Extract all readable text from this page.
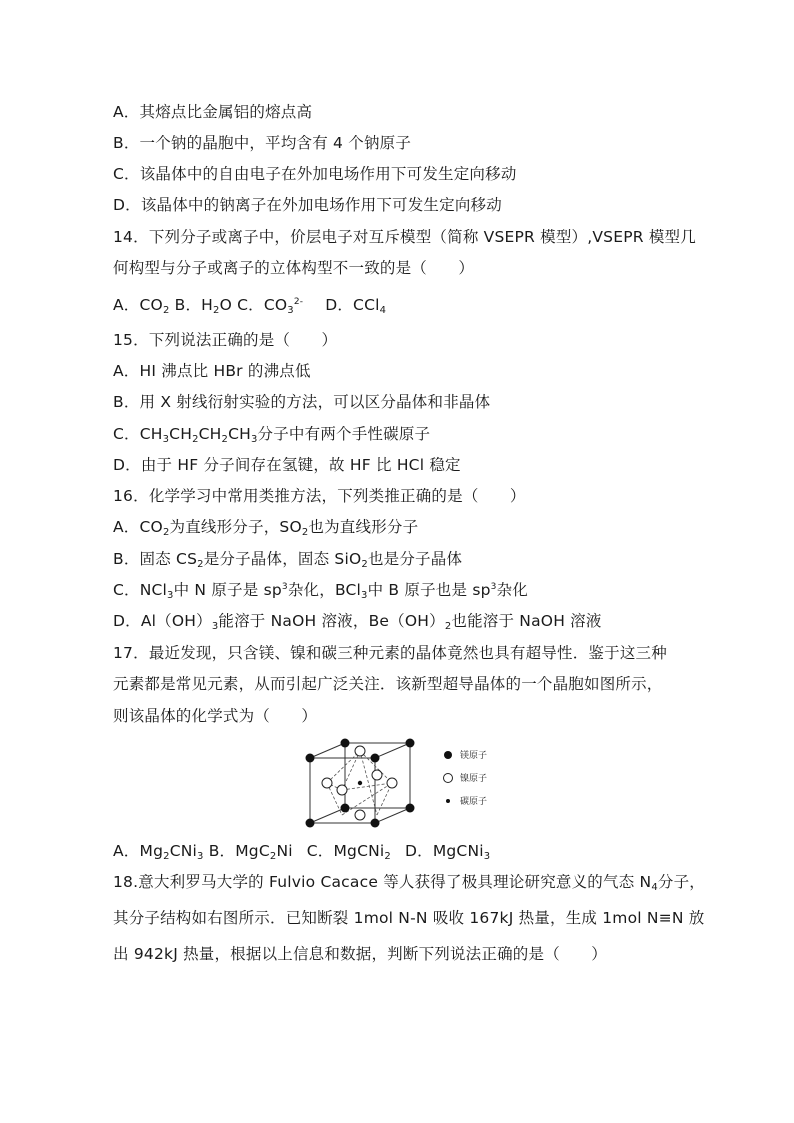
A．其熔点比金属铝的熔点高
B．一个钠的晶胞中，平均含有 4 个钠原子
C．该晶体中的自由电子在外加电场作用下可发生定向移动
D．该晶体中的钠离子在外加电场作用下可发生定向移动
14．下列分子或离子中，价层电子对互斥模型（简称 VSEPR 模型）,VSEPR 模型几
何构型与分子或离子的立体构型不一致的是（　　）
A．$CO_2$ B．$H_2O$ C．$CO_3^{2-}$ D．CCl$_4$
15．下列说法正确的是（　　）
A．HI 沸点比 HBr 的沸点低
B．用 X 射线衍射实验的方法，可以区分晶体和非晶体
C．$CH_3CH_2CH_2CH_3$分子中有两个手性碳原子
D．由于 HF 分子间存在氢键，故 HF 比 HCl 稳定
16．化学学习中常用类推方法，下列类推正确的是（　　）
A．$CO_2$为直线形分子，$SO_2$也为直线形分子
B．固态 $CS_2$是分子晶体，固态 SiO$_2$也是分子晶体
C．NCl$_3$中 N 原子是 $sp^3$杂化，BCl$_3$中 B 原子也是 $sp^3$杂化
D．$Al(OH)_3$能溶于 NaOH 溶液，$Be(OH)_2$也能溶于 NaOH 溶液
17．最近发现，只含镁、镍和碳三种元素的晶体竟然也具有超导性．鉴于这三种
元素都是常见元素，从而引起广泛关注．该新型超导晶体的一个晶胞如图所示，
则该晶体的化学式为（　　）
镁原子
镍原子
碳原子
A．$Mg_2CNi_3$ B．MgC$_2$Ni C．MgCNi$_2$ D．MgCNi$_3$
18.意大利罗马大学的 Fulvio Cacace 等人获得了极具理论研究意义的气态 $N_4$分子，
其分子结构如右图所示．已知断裂 1mol N-N 吸收 167kJ 热量，生成 1mol N≡N 放
出 942kJ 热量，根据以上信息和数据，判断下列说法正确的是（　　）
